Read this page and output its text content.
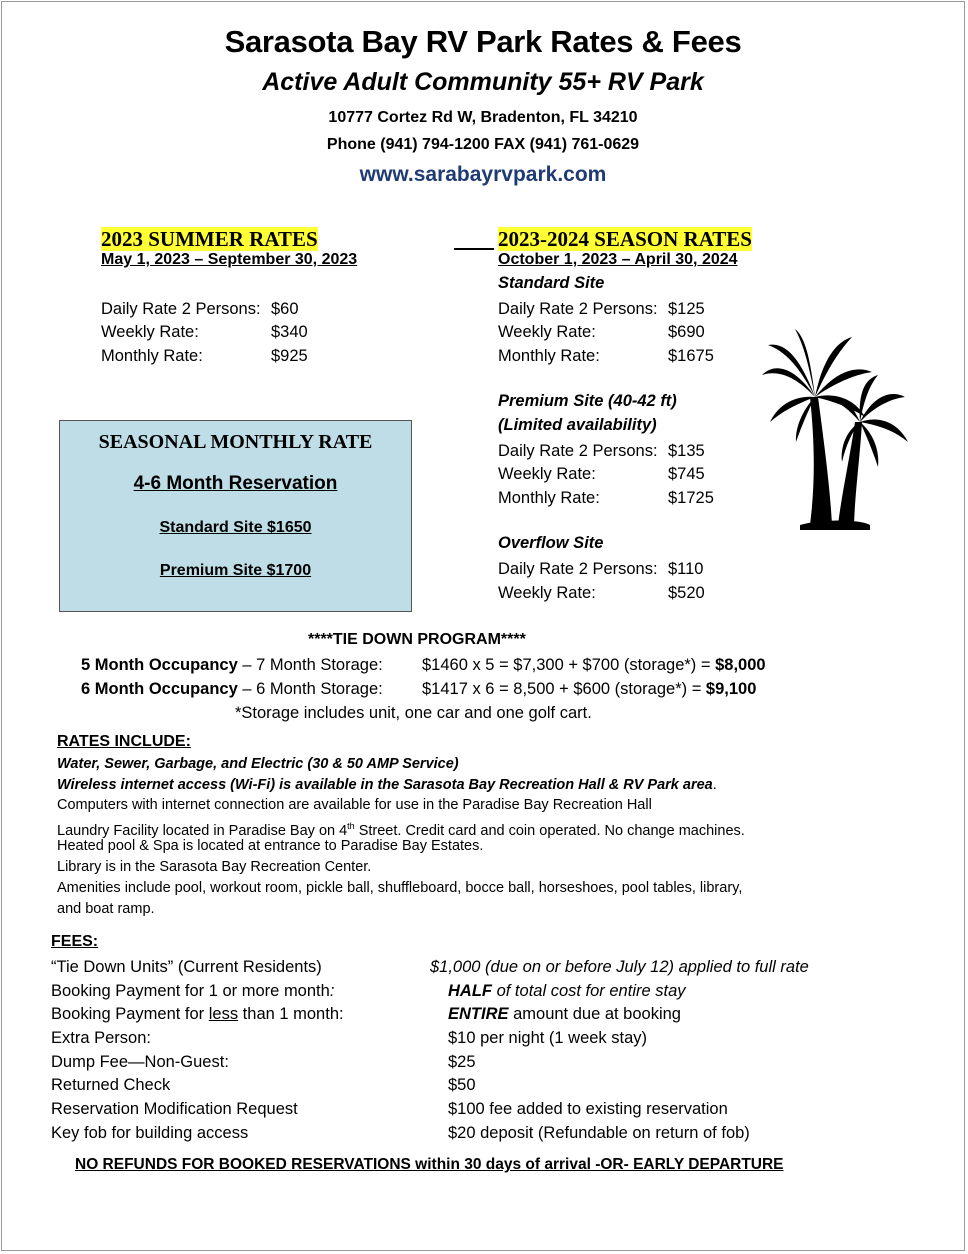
Sarasota Bay RV Park Rates & Fees
Active Adult Community 55+ RV Park
10777 Cortez Rd W, Bradenton, FL 34210
Phone (941) 794-1200 FAX (941) 761-0629
www.sarabayrvpark.com
2023 SUMMER RATES
May 1, 2023 – September 30, 2023
Daily Rate 2 Persons: $60
Weekly Rate:	$340
Monthly Rate:	$925
2023-2024 SEASON RATES
October 1, 2023 – April 30, 2024
Standard Site
Daily Rate 2 Persons: $125
Weekly Rate:	$690
Monthly Rate:	$1675
Premium Site (40-42 ft)
(Limited availability)
Daily Rate 2 Persons: $135
Weekly Rate:	$745
Monthly Rate:	$1725
Overflow Site
Daily Rate 2 Persons: $110
Weekly Rate:	$520
SEASONAL MONTHLY RATE
4-6 Month Reservation
Standard Site $1650
Premium Site $1700
****TIE DOWN PROGRAM****
5 Month Occupancy – 7 Month Storage: $1460 x 5 = $7,300 + $700 (storage*) = $8,000
6 Month Occupancy – 6 Month Storage: $1417 x 6 = 8,500 + $600 (storage*) = $9,100
*Storage includes unit, one car and one golf cart.
RATES INCLUDE:
Water, Sewer, Garbage, and Electric (30 & 50 AMP Service)
Wireless internet access (Wi-Fi) is available in the Sarasota Bay Recreation Hall & RV Park area.
Computers with internet connection are available for use in the Paradise Bay Recreation Hall
Laundry Facility located in Paradise Bay on 4th Street. Credit card and coin operated. No change machines.
Heated pool & Spa is located at entrance to Paradise Bay Estates.
Library is in the Sarasota Bay Recreation Center.
Amenities include pool, workout room, pickle ball, shuffleboard, bocce ball, horseshoes, pool tables, library,
and boat ramp.
FEES:
“Tie Down Units” (Current Residents)	$1,000 (due on or before July 12) applied to full rate
Booking Payment for 1 or more month:	HALF of total cost for entire stay
Booking Payment for less than 1 month:	ENTIRE amount due at booking
Extra Person:	$10 per night (1 week stay)
Dump Fee—Non-Guest:	$25
Returned Check	$50
Reservation Modification Request	$100 fee added to existing reservation
Key fob for building access	$20 deposit (Refundable on return of fob)
NO REFUNDS FOR BOOKED RESERVATIONS within 30 days of arrival -OR- EARLY DEPARTURE
